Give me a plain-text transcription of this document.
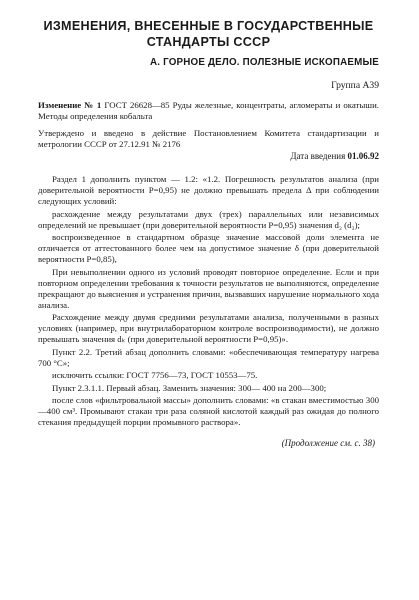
ИЗМЕНЕНИЯ, ВНЕСЕННЫЕ В ГОСУДАРСТВЕННЫЕ
СТАНДАРТЫ СССР
А. ГОРНОЕ ДЕЛО. ПОЛЕЗНЫЕ ИСКОПАЕМЫЕ
Группа А39

Изменение № 1 ГОСТ 26628—85 Руды железные, концентраты, агломераты и окатыши. Методы определения кобальта

Утверждено и введено в действие Постановлением Комитета стандартизации и метрологии СССР от 27.12.91 № 2176

Дата введения 01.06.92

Раздел 1 дополнить пунктом — 1.2: «1.2. Погрешность результатов анализа (при доверительной вероятности P=0,95) не должно превышать предела Δ при соблюдении следующих условий:

расхождение между результатами двух (трех) параллельных или независимых определений не превышает (при доверительной вероятности P=0,95) значения d₂ (d₃);

воспроизведенное в стандартном образце значение массовой доли элемента не отличается от аттестованного более чем на допустимое значение δ (при доверительной вероятности P=0,85),

При невыполнении одного из условий проводят повторное определение. Если и при повторном определении требования к точности результатов не выполняются, определение прекращают до выяснения и устранения причин, вызвавших нарушение нормального хода анализа.

Расхождение между двумя средними результатами анализа, полученными в разных условиях (например, при внутрилабораторном контроле воспроизводимости), не должно превышать значения dₖ (при доверительной вероятности P=0,95)».

Пункт 2.2. Третий абзац дополнить словами: «обеспечивающая температуру нагрева 700 °С»;

исключить ссылки: ГОСТ 7756—73, ГОСТ 10553—75.

Пункт 2.3.1.1. Первый абзац. Заменить значения: 300— 400 на 200—300;

после слов «фильтровальной массы» дополнить словами: «в стакан вместимостью 300—400 см³. Промывают стакан три раза соляной кислотой каждый раз ожидая до полного стекания предыдущей порции промывного раствора».

(Продолжение см. с. 38)
